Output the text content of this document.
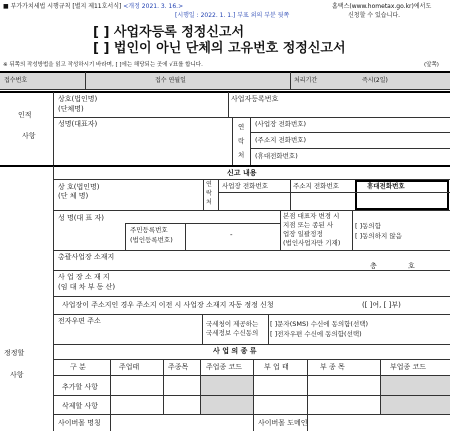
■ 부가가치세법 시행규칙 [별지 제11호서식] <개정 2021. 3. 16.>
[시행일 : 2022. 1. 1.] 부표 외의 부분 뒷쪽
홈택스(www.hometax.go.kr)에서도
신청할 수 있습니다.
[ ] 사업자등록 정정신고서
[ ] 법인이 아닌 단체의 고유번호 정정신고서
※ 뒤쪽의 작성방법을 읽고 작성하시기 바라며, [ ]에는 해당되는 곳에 √표를 합니다.	(앞쪽)
접수번호	접수 연월일	처리기간	즉시(2일)
인적
사항
상호(법인명)
(단체명)
사업자등록번호
성명(대표자)	연
락
처
(사업장 전화번호)
(주소지 전화번호)
(휴대전화번호)
신고 내용
상 호(법인명)
(단 체 명)
연
락
처
사업장 전화번호	주소지 전화번호	휴대전화번호
성 명(대 표 자)
주민등록번호
(법인등록번호)
-
본점 대표자 변경 시
지점 또는 종된 사
업장 일괄정정
(법인사업자만 기재)
[ ]동의함
[ ]동의하지 않음
총괄사업장 소재지
층	호
사 업 장 소 재 지
(임 대 차 부 동 산)
사업장이 주소지인 경우 주소지 이전 시 사업장 소재지 자동 정정 신청	([ ]여, [ ]부)
전자우편 주소	국세청이 제공하는
국세정보 수신동의
[ ]문자(SMS) 수신에 동의함(선택)
[ ]전자우편 수신에 동의함(선택)
정정할
사항
사 업 의 종 류
구 분	주업태	주종목	주업종 코드	부 업 태	부 종 목	부업종 코드
추가할 사항
삭제할 사항
사이버몰 명칭	사이버몰 도메인
